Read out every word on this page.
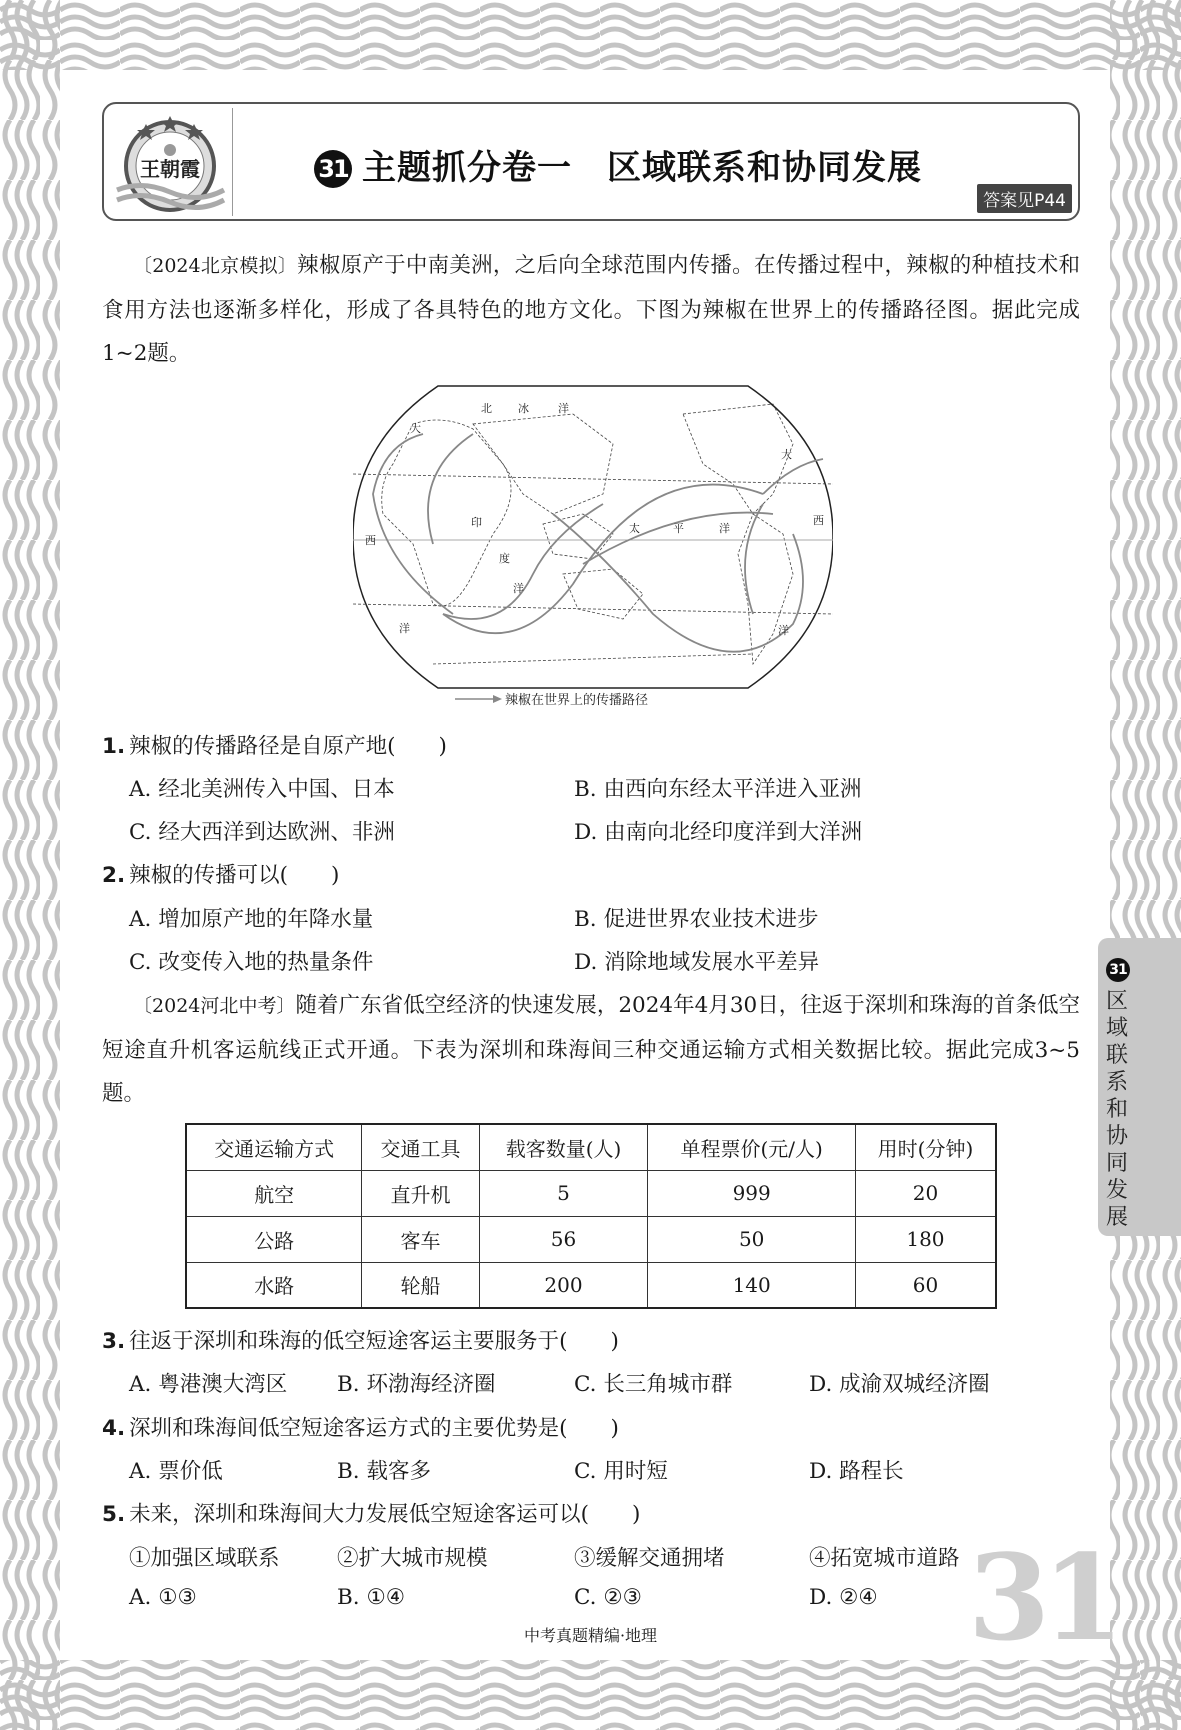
王朝霞	31 主题抓分卷一　区域联系和协同发展
答案见P44
〔2024北京模拟〕辣椒原产于中南美洲，之后向全球范围内传播。在传播过程中，辣椒的种植技术和食用方法也逐渐多样化，形成了各具特色的地方文化。下图为辣椒在世界上的传播路径图。据此完成1~2题。
北 冰	洋
大
西
洋
印
度
洋
太	平	洋
大
西
洋
辣椒在世界上的传播路径
1. 辣椒的传播路径是自原产地(　　)
A. 经北美洲传入中国、日本	B. 由西向东经太平洋进入亚洲
C. 经大西洋到达欧洲、非洲	D. 由南向北经印度洋到大洋洲
2. 辣椒的传播可以(　　)
A. 增加原产地的年降水量	B. 促进世界农业技术进步
C. 改变传入地的热量条件	D. 消除地域发展水平差异
〔2024河北中考〕随着广东省低空经济的快速发展，2024年4月30日，往返于深圳和珠海的首条低空短途直升机客运航线正式开通。下表为深圳和珠海间三种交通运输方式相关数据比较。据此完成3~5题。
交通运输方式	交通工具	载客数量(人)	单程票价(元/人)	用时(分钟)
航空	直升机	5	999	20
公路	客车	56	50	180
水路	轮船	200	140	60
3. 往返于深圳和珠海的低空短途客运主要服务于(　　)
A. 粤港澳大湾区 B. 环渤海经济圈	C. 长三角城市群	D. 成渝双城经济圈
4. 深圳和珠海间低空短途客运方式的主要优势是(　　)
A. 票价低	B. 载客多	C. 用时短	D. 路程长
31
5. 未来，深圳和珠海间大力发展低空短途客运可以(　　)
①加强区域联系	②扩大城市规模	③缓解交通拥堵	④拓宽城市道路
A. ①③	B. ①④	C. ②③	D. ②④
31
区域联系和协同发展
中考真题精编·地理
